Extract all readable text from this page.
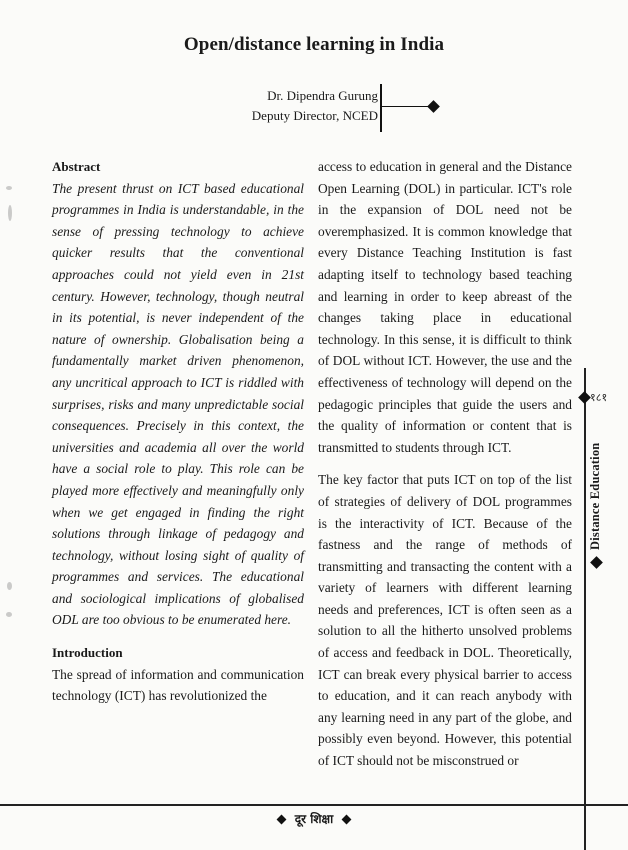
Open/distance learning in India
Dr. Dipendra Gurung
Deputy Director, NCED
Abstract

The present thrust on ICT based educational programmes in India is understandable, in the sense of pressing technology to achieve quicker results that the conventional approaches could not yield even in 21st century. However, technology, though neutral in its potential, is never independent of the nature of ownership. Globalisation being a fundamentally market driven phenomenon, any uncritical approach to ICT is riddled with surprises, risks and many unpredictable social consequences. Precisely in this context, the universities and academia all over the world have a social role to play. This role can be played more effectively and meaningfully only when we get engaged in finding the right solutions through linkage of pedagogy and technology, without losing sight of quality of programmes and services. The educational and sociological implications of globalised ODL are too obvious to be enumerated here.

Introduction

The spread of information and communication technology (ICT) has revolutionized the

access to education in general and the Distance Open Learning (DOL) in particular. ICT's role in the expansion of DOL need not be overemphasized. It is common knowledge that every Distance Teaching Institution is fast adapting itself to technology based teaching and learning in order to keep abreast of the changes taking place in educational technology. In this sense, it is difficult to think of DOL without ICT. However, the use and the effectiveness of technology will depend on the pedagogic principles that guide the users and the quality of information or content that is transmitted to students through ICT.

The key factor that puts ICT on top of the list of strategies of delivery of DOL programmes is the interactivity of ICT. Because of the fastness and the range of methods of transmitting and transacting the content with a variety of learners with different learning needs and preferences, ICT is often seen as a solution to all the hitherto unsolved problems of access and feedback in DOL. Theoretically, ICT can break every physical barrier to access to education, and it can reach anybody with any learning need in any part of the globe, and possibly even beyond. However, this potential of ICT should not be misconstrued or

१८१
Distance Education
दूर शिक्षा
